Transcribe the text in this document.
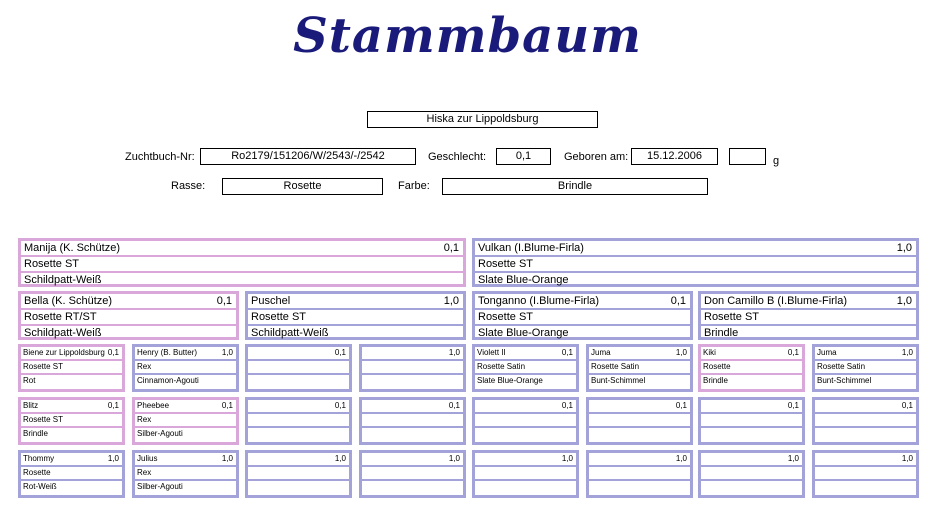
Stammbaum
Hiska zur Lippoldsburg
Zuchtbuch-Nr:	Ro2179/151206/W/2543/-/2542	Geschlecht:	0,1	Geboren am:	15.12.2006	g
Rasse:	Rosette	Farbe:	Brindle
Manija (K. Schütze)	0,1
Rosette ST
Schildpatt-Weiß
Vulkan (I.Blume-Firla)	1,0
Rosette ST
Slate Blue-Orange
Bella (K. Schütze)	0,1
Rosette RT/ST
Schildpatt-Weiß
Puschel	1,0
Rosette ST
Schildpatt-Weiß
Tonganno (I.Blume-Firla)	0,1
Rosette ST
Slate Blue-Orange
Don Camillo B (I.Blume-Firla)	1,0
Rosette ST
Brindle
Biene zur Lippoldsburg 0,1
Rosette ST
Rot
Henry (B. Butter)	1,0
Rex
Cinnamon-Agouti
0,1	1,0 Violett II	0,1
Rosette Satin
Slate Blue-Orange
Juma	1,0
Rosette Satin
Bunt-Schimmel
Kiki	0,1
Rosette
Brindle
Juma	1,0
Rosette Satin
Bunt-Schimmel
Blitz	0,1
Rosette ST
Brindle
Pheebee	0,1
Rex
Silber-Agouti
0,1	0,1	0,1	0,1	0,1	0,1
Thommy	1,0
Rosette
Rot-Weiß
Julius	1,0
Rex
Silber-Agouti
1,0	1,0	1,0	1,0	1,0	1,0
